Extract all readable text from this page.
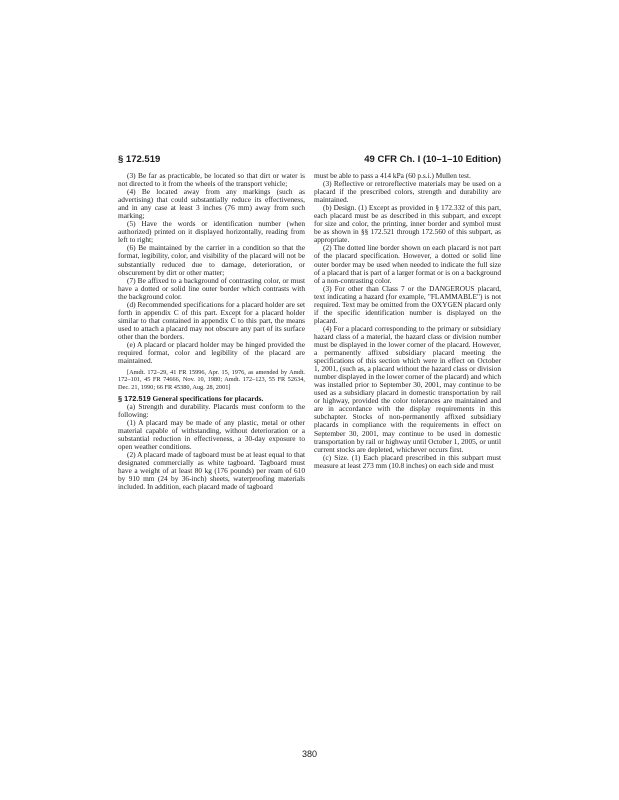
§ 172.519	49 CFR Ch. I (10–1–10 Edition)

(3) Be far as practicable, be located so that dirt or water is not directed to it from the wheels of the transport vehicle;

(4) Be located away from any markings (such as advertising) that could substantially reduce its effectiveness, and in any case at least 3 inches (76 mm) away from such marking;

(5) Have the words or identification number (when authorized) printed on it displayed horizontally, reading from left to right;

(6) Be maintained by the carrier in a condition so that the format, legibility, color, and visibility of the placard will not be substantially reduced due to damage, deterioration, or obscurement by dirt or other matter;

(7) Be affixed to a background of contrasting color, or must have a dotted or solid line outer border which contrasts with the background color.

(d) Recommended specifications for a placard holder are set forth in appendix C of this part. Except for a placard holder similar to that contained in appendix C to this part, the means used to attach a placard may not obscure any part of its surface other than the borders.

(e) A placard or placard holder may be hinged provided the required format, color and legibility of the placard are maintained.

[Amdt. 172–29, 41 FR 15996, Apr. 15, 1976, as amended by Amdt. 172–101, 45 FR 74666, Nov. 10, 1980; Amdt. 172–123, 55 FR 52634, Dec. 21, 1990; 66 FR 45380, Aug. 28, 2001]

§ 172.519 General specifications for placards.

(a) Strength and durability. Placards must conform to the following:

(1) A placard may be made of any plastic, metal or other material capable of withstanding, without deterioration or a substantial reduction in effectiveness, a 30-day exposure to open weather conditions.

(2) A placard made of tagboard must be at least equal to that designated commercially as white tagboard. Tagboard must have a weight of at least 80 kg (176 pounds) per ream of 610 by 910 mm (24 by 36-inch) sheets, waterproofing materials included. In addition, each placard made of tagboard

must be able to pass a 414 kPa (60 p.s.i.) Mullen test.

(3) Reflective or retroreflective materials may be used on a placard if the prescribed colors, strength and durability are maintained.

(b) Design. (1) Except as provided in § 172.332 of this part, each placard must be as described in this subpart, and except for size and color, the printing, inner border and symbol must be as shown in §§ 172.521 through 172.560 of this subpart, as appropriate.

(2) The dotted line border shown on each placard is not part of the placard specification. However, a dotted or solid line outer border may be used when needed to indicate the full size of a placard that is part of a larger format or is on a background of a non-contrasting color.

(3) For other than Class 7 or the DANGEROUS placard, text indicating a hazard (for example, "FLAMMABLE") is not required. Text may be omitted from the OXYGEN placard only if the specific identification number is displayed on the placard.

(4) For a placard corresponding to the primary or subsidiary hazard class of a material, the hazard class or division number must be displayed in the lower corner of the placard. However, a permanently affixed subsidiary placard meeting the specifications of this section which were in effect on October 1, 2001, (such as, a placard without the hazard class or division number displayed in the lower corner of the placard) and which was installed prior to September 30, 2001, may continue to be used as a subsidiary placard in domestic transportation by rail or highway, provided the color tolerances are maintained and are in accordance with the display requirements in this subchapter. Stocks of non-permanently affixed subsidiary placards in compliance with the requirements in effect on September 30, 2001, may continue to be used in domestic transportation by rail or highway until October 1, 2005, or until current stocks are depleted, whichever occurs first.

(c) Size. (1) Each placard prescribed in this subpart must measure at least 273 mm (10.8 inches) on each side and must

380
